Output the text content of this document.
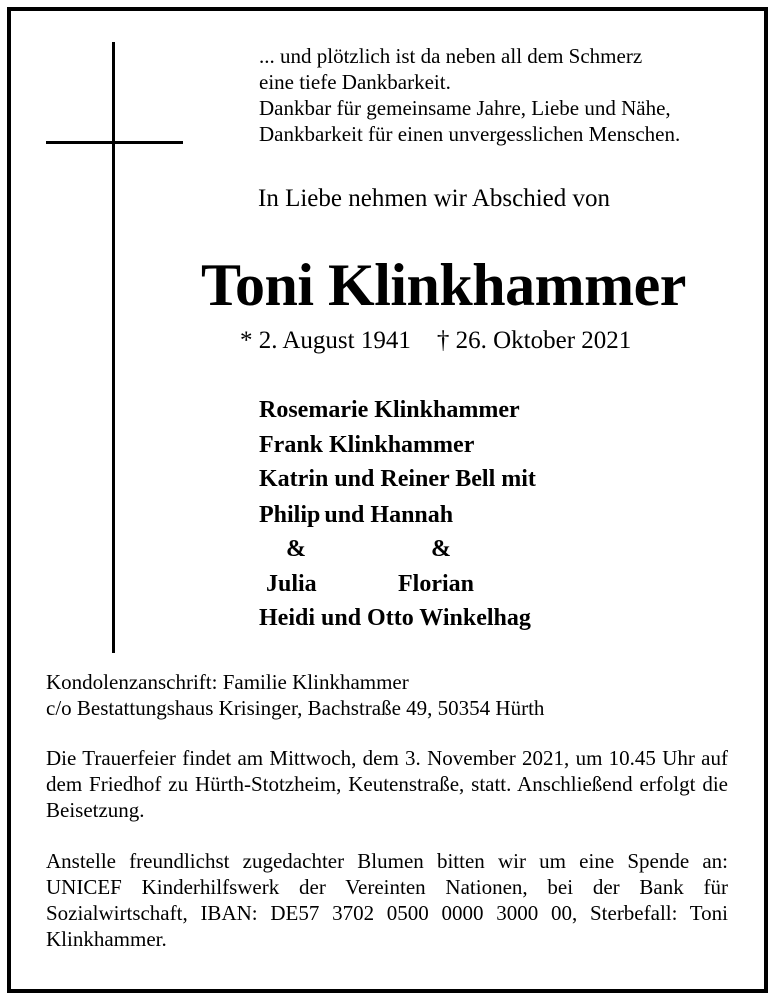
... und plötzlich ist da neben all dem Schmerz
eine tiefe Dankbarkeit.
Dankbar für gemeinsame Jahre, Liebe und Nähe,
Dankbarkeit für einen unvergesslichen Menschen.
In Liebe nehmen wir Abschied von
Toni Klinkhammer
* 2. August 1941 † 26. Oktober 2021
Rosemarie Klinkhammer
Frank Klinkhammer
Katrin und Reiner Bell mit
Philip und Hannah
&	&
Julia	Florian
Heidi und Otto Winkelhag
Kondolenzanschrift: Familie Klinkhammer
c/o Bestattungshaus Krisinger, Bachstraße 49, 50354 Hürth
Die Trauerfeier findet am Mittwoch, dem 3. November 2021, um 10.45 Uhr auf dem Friedhof zu Hürth-Stotzheim, Keutenstraße, statt. Anschließend erfolgt die Beisetzung.
Anstelle freundlichst zugedachter Blumen bitten wir um eine Spende an: UNICEF Kinderhilfswerk der Vereinten Nationen, bei der Bank für Sozialwirtschaft, IBAN: DE57 3702 0500 0000 3000 00, Sterbefall: Toni Klinkhammer.
